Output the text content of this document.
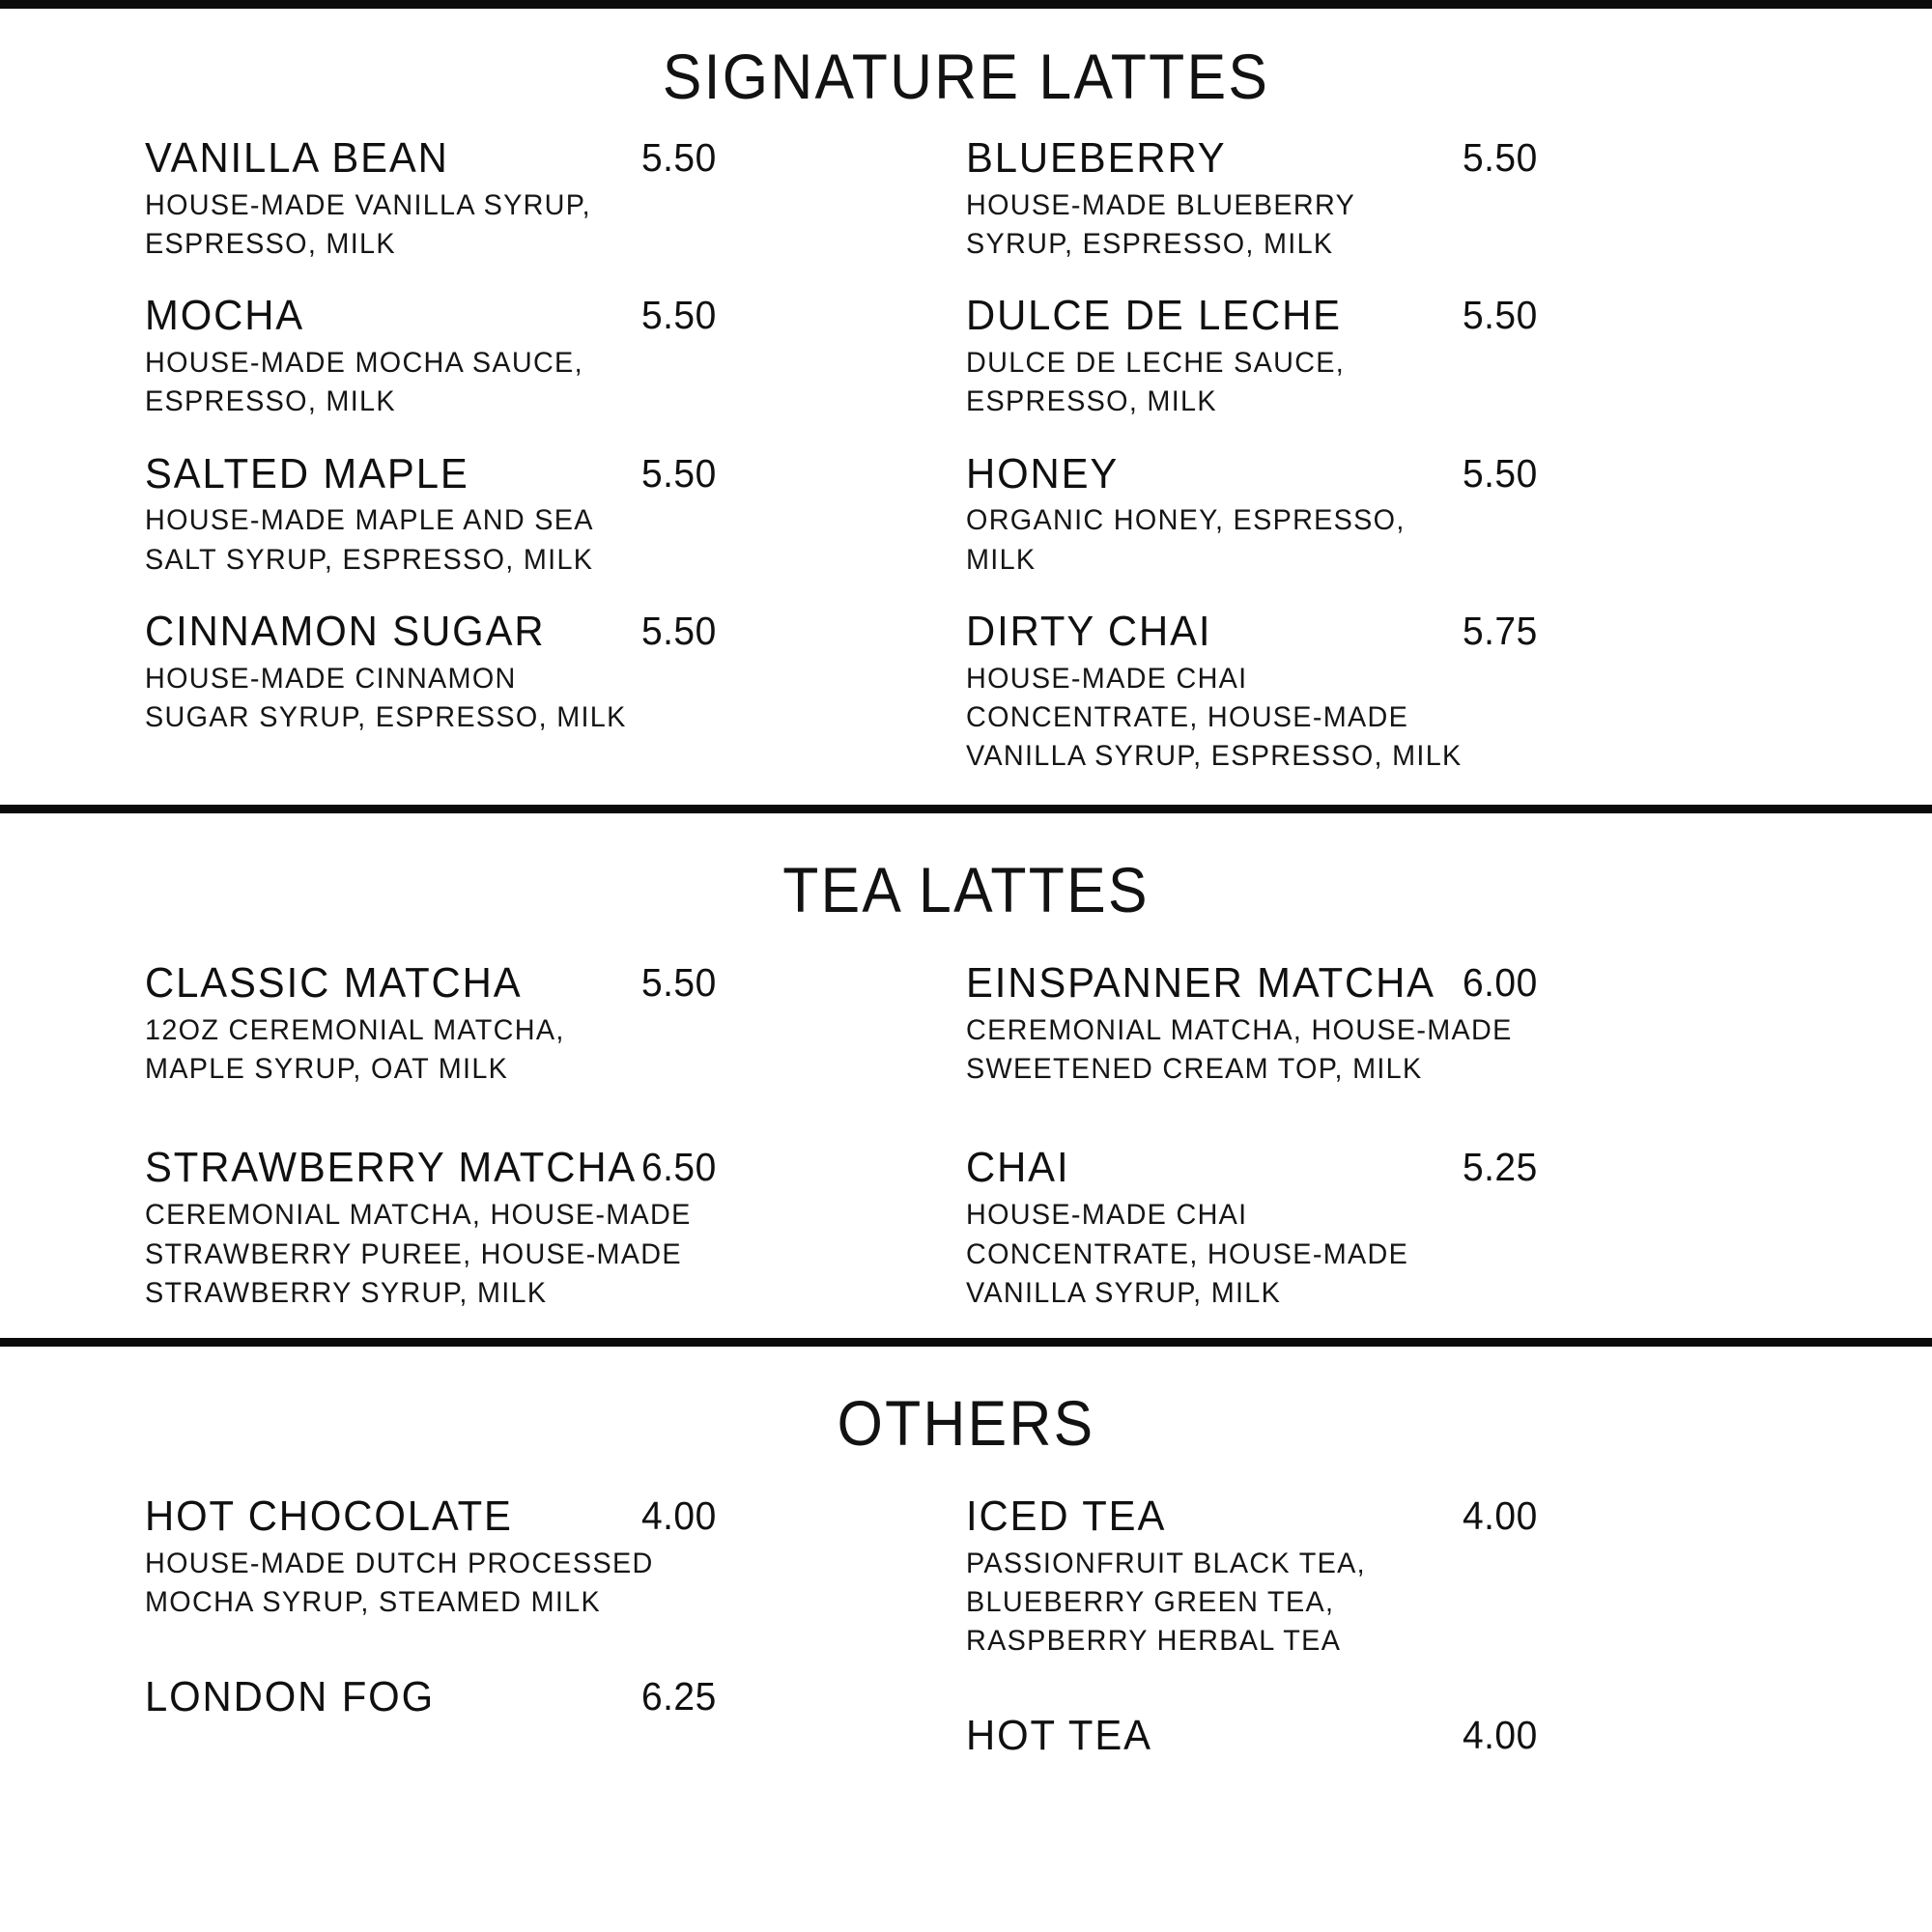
SIGNATURE LATTES
VANILLA BEAN	5.50
HOUSE-MADE VANILLA SYRUP,
ESPRESSO, MILK
MOCHA	5.50
HOUSE-MADE MOCHA SAUCE,
ESPRESSO, MILK
SALTED MAPLE	5.50
HOUSE-MADE MAPLE AND SEA
SALT SYRUP, ESPRESSO, MILK
CINNAMON SUGAR	5.50
HOUSE-MADE CINNAMON
SUGAR SYRUP, ESPRESSO, MILK
BLUEBERRY	5.50
HOUSE-MADE BLUEBERRY
SYRUP, ESPRESSO, MILK
DULCE DE LECHE	5.50
DULCE DE LECHE SAUCE,
ESPRESSO, MILK
HONEY	5.50
ORGANIC HONEY, ESPRESSO,
MILK
DIRTY CHAI	5.75
HOUSE-MADE CHAI
CONCENTRATE, HOUSE-MADE
VANILLA SYRUP, ESPRESSO, MILK
TEA LATTES
CLASSIC MATCHA	5.50
12OZ CEREMONIAL MATCHA,
MAPLE SYRUP, OAT MILK
STRAWBERRY MATCHA 6.50
CEREMONIAL MATCHA, HOUSE-MADE
STRAWBERRY PUREE, HOUSE-MADE
STRAWBERRY SYRUP, MILK
EINSPANNER MATCHA 6.00
CEREMONIAL MATCHA, HOUSE-MADE
SWEETENED CREAM TOP, MILK
CHAI	5.25
HOUSE-MADE CHAI
CONCENTRATE, HOUSE-MADE
VANILLA SYRUP, MILK
OTHERS
HOT CHOCOLATE	4.00
HOUSE-MADE DUTCH PROCESSED
MOCHA SYRUP, STEAMED MILK
LONDON FOG	6.25
ICED TEA	4.00
PASSIONFRUIT BLACK TEA,
BLUEBERRY GREEN TEA,
RASPBERRY HERBAL TEA
HOT TEA	4.00
